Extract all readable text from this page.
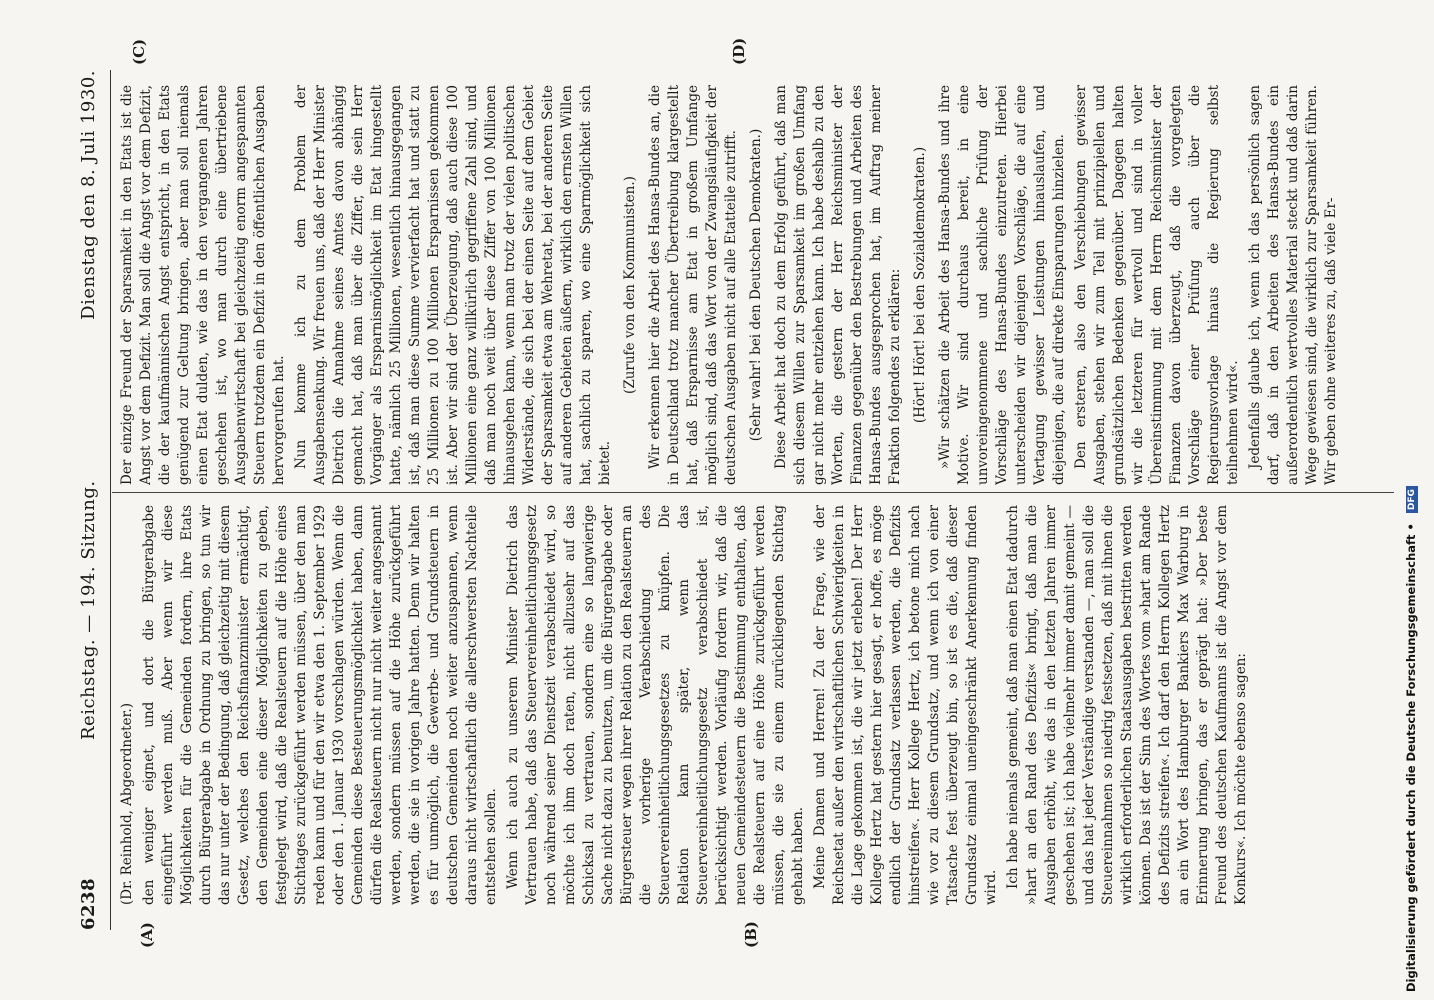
6238
Reichstag. — 194. Sitzung.
Dienstag den 8. Juli 1930.
(A)	(B)
(C)	(D)

(Dr. Reinhold, Abgeordneter.) den weniger eignet, und dort die Bürgerabgabe eingeführt werden muß. Aber wenn wir diese Möglichkeiten für die Gemeinden fordern, ihre Etats durch Bürgerabgabe in Ordnung zu bringen, so tun wir das nur unter der Bedingung, daß gleichzeitig mit diesem Gesetz, welches den Reichsfinanzminister ermächtigt, den Gemeinden eine dieser Möglichkeiten zu geben, festgelegt wird, daß die Realsteuern auf die Höhe eines Stichtages zurückgeführt werden müssen, über den man reden kann und für den wir etwa den 1. September 1929 oder den 1. Januar 1930 vorschlagen würden. Wenn die Gemeinden diese Besteuerungsmöglichkeit haben, dann dürfen die Realsteuern nicht nur nicht weiter angespannt werden, sondern müssen auf die Höhe zurückgeführt werden, die sie in vorigen Jahre hatten. Denn wir halten es für unmöglich, die Gewerbe- und Grundsteuern in deutschen Gemeinden noch weiter anzuspannen, wenn daraus nicht wirtschaftlich die allerschwersten Nachteile entstehen sollen. Wenn ich auch zu unserem Minister Dietrich das Vertrauen habe, daß das Steuervereinheitlichungsgesetz noch während seiner Dienstzeit verabschiedet wird, so möchte ich ihm doch raten, nicht allzusehr auf das Schicksal zu vertrauen, sondern eine so langwierige Sache nicht dazu zu benutzen, um die Bürgerabgabe oder Bürgersteuer wegen ihrer Relation zu den Realsteuern an die vorherige Verabschiedung des Steuervereinheitlichungsgesetzes zu knüpfen. Die Relation kann später, wenn das Steuervereinheitlichungsgesetz verabschiedet ist, berücksichtigt werden. Vorläufig fordern wir, daß die neuen Gemeindesteuern die Bestimmung enthalten, daß die Realsteuern auf eine Höhe zurückgeführt werden müssen, die sie zu einem zurückliegenden Stichtag gehabt haben. Meine Damen und Herren! Zu der Frage, wie der Reichsetat außer den wirtschaftlichen Schwierigkeiten in die Lage gekommen ist, die wir jetzt erleben! Der Herr Kollege Hertz hat gestern hier gesagt, er hoffe, es möge endlich der Grundsatz verlassen werden, die Defizits hinstreifen«. Herr Kollege Hertz, ich betone mich nach wie vor zu diesem Grundsatz, und wenn ich von einer Tatsache fest überzeugt bin, so ist es die, daß dieser Grundsatz einmal uneingeschränkt Anerkennung finden wird. Ich habe niemals gemeint, daß man einen Etat dadurch »hart an den Rand des Defizits« bringt, daß man die Ausgaben erhöht, wie das in den letzten Jahren immer geschehen ist; ich habe vielmehr immer damit gemeint — und das hat jeder Verständige verstanden —, man soll die Steuereinnahmen so niedrig festsetzen, daß mit ihnen die wirklich erforderlichen Staatsausgaben bestritten werden können. Das ist der Sinn des Wortes vom »hart am Rande des Defizits streifen«. Ich darf den Herrn Kollegen Hertz an ein Wort des Hamburger Bankiers Max Warburg in Erinnerung bringen, das er geprägt hat: »Der beste Freund des deutschen Kaufmanns ist die Angst vor dem Konkurs«. Ich möchte ebenso sagen:

Der einzige Freund der Sparsamkeit in den Etats ist die Angst vor dem Defizit. Man soll die Angst vor dem Defizit, die der kaufmännischen Angst entspricht, in den Etats genügend zur Geltung bringen, aber man soll niemals einen Etat dulden, wie das in den vergangenen Jahren geschehen ist, wo man durch eine übertriebene Ausgabenwirtschaft bei gleichzeitig enorm angespannten Steuern trotzdem ein Defizit in den öffentlichen Ausgaben hervorgerufen hat. Nun komme ich zu dem Problem der Ausgabensenkung. Wir freuen uns, daß der Herr Minister Dietrich die Annahme seines Amtes davon abhängig gemacht hat, daß man über die Ziffer, die sein Herr Vorgänger als Ersparnismöglichkeit im Etat hingestellt hatte, nämlich 25 Millionen, wesentlich hinausgegangen ist, daß man diese Summe vervierfacht hat und statt zu 25 Millionen zu 100 Millionen Ersparnissen gekommen ist. Aber wir sind der Überzeugung, daß auch diese 100 Millionen eine ganz willkürlich gegriffene Zahl sind, und daß man noch weit über diese Ziffer von 100 Millionen hinausgehen kann, wenn man trotz der vielen politischen Widerstände, die sich bei der einen Seite auf dem Gebiet der Sparsamkeit etwa am Wehretat, bei der anderen Seite auf anderen Gebieten äußern, wirklich den ernsten Willen hat, sachlich zu sparen, wo eine Sparmöglichkeit sich bietet.

(Zurufe von den Kommunisten.) Wir erkennen hier die Arbeit des Hansa-Bundes an, die in Deutschland trotz mancher Übertreibung klargestellt hat, daß Ersparnisse am Etat in großem Umfange möglich sind, daß das Wort von der Zwangsläufigkeit der deutschen Ausgaben nicht auf alle Etatteile zutrifft. (Sehr wahr! bei den Deutschen Demokraten.) Diese Arbeit hat doch zu dem Erfolg geführt, daß man sich diesem Willen zur Sparsamkeit im großen Umfang gar nicht mehr entziehen kann. Ich habe deshalb zu den Worten, die gestern der Herr Reichsminister der Finanzen gegenüber den Bestrebungen und Arbeiten des Hansa-Bundes ausgesprochen hat, im Auftrag meiner Fraktion folgendes zu erklären: (Hört! Hört! bei den Sozialdemokraten.) »Wir schätzen die Arbeit des Hansa-Bundes und ihre Motive. Wir sind durchaus bereit, in eine unvoreingenommene und sachliche Prüfung der Vorschläge des Hansa-Bundes einzutreten. Hierbei unterscheiden wir diejenigen Vorschläge, die auf eine Vertagung gewisser Leistungen hinauslaufen, und diejenigen, die auf direkte Einsparungen hinzielen. Den ersteren, also den Verschiebungen gewisser Ausgaben, stehen wir zum Teil mit prinzipiellen und grundsätzlichen Bedenken gegenüber. Dagegen halten wir die letzteren für wertvoll und sind in voller Übereinstimmung mit dem Herrn Reichsminister der Finanzen davon überzeugt, daß die vorgelegten Vorschläge einer Prüfung auch über die Regierungsvorlage hinaus die Regierung selbst teilnehmen wird«. Jedenfalls glaube ich, wenn ich das persönlich sagen darf, daß in den Arbeiten des Hansa-Bundes ein außerordentlich wertvolles Material steckt und daß darin Wege gewiesen sind, die wirklich zur Sparsamkeit führen. Wir geben ohne weiteres zu, daß viele Er-

Digitalisierung gefördert durch die Deutsche Forschungsgemeinschaft • DFG
